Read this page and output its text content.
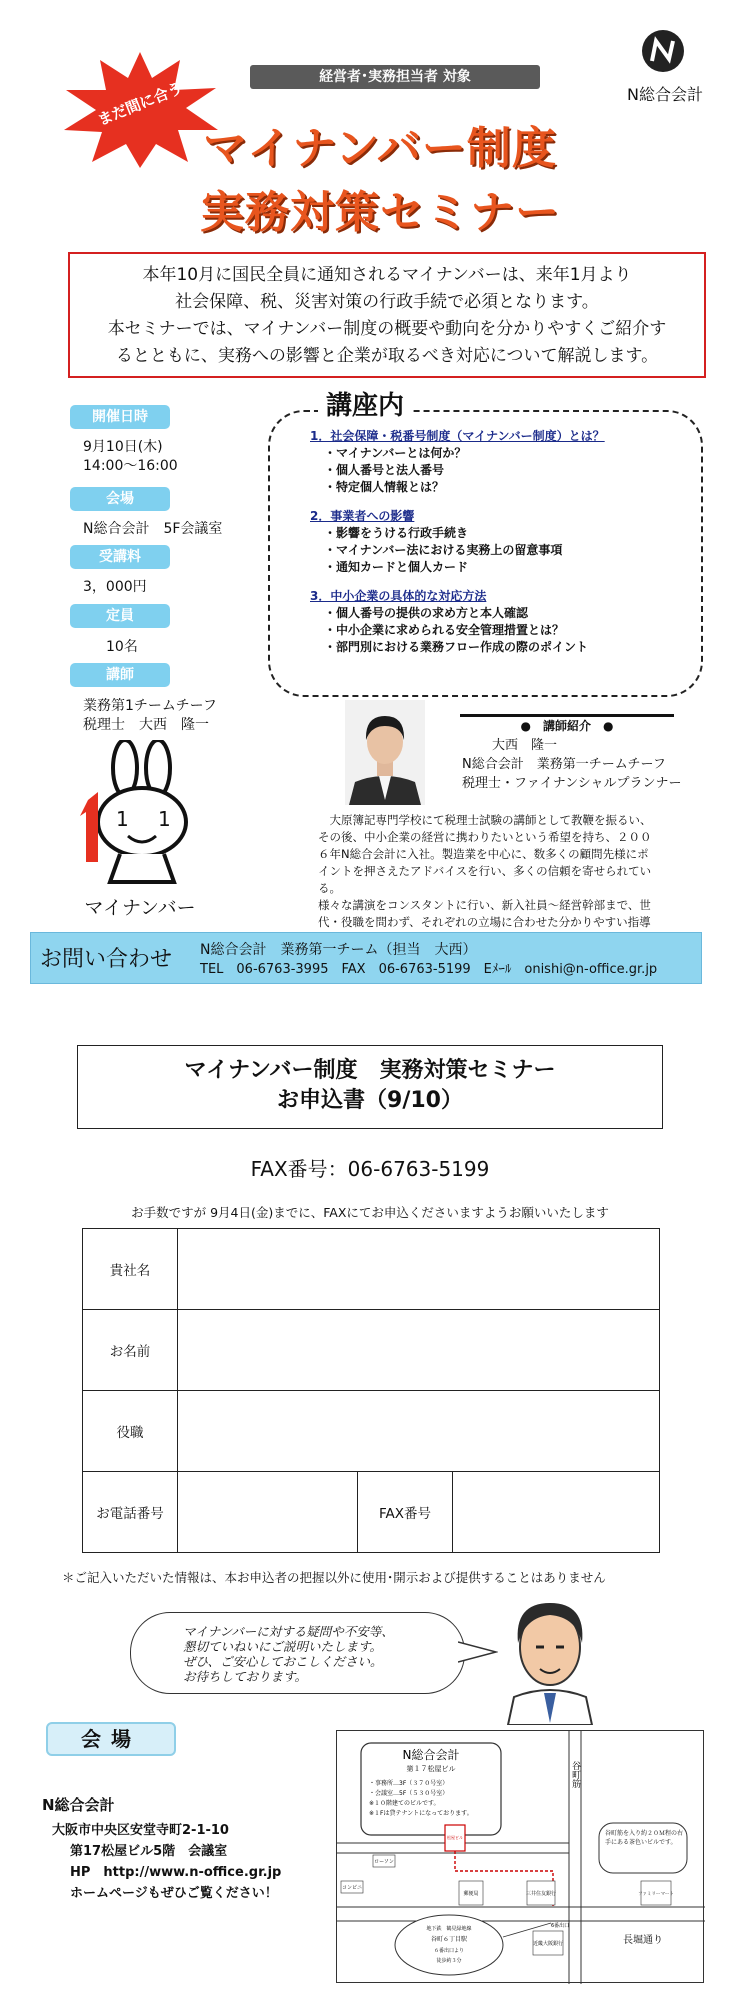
経営者･実務担当者 対象
N総合会計
まだ間に合う
マイナンバー制度
実務対策セミナー

本年10月に国民全員に通知されるマイナンバーは、来年1月より

社会保障、税、災害対策の行政手続で必須となります。

本セミナーでは、マイナンバー制度の概要や動向を分かりやすくご紹介す

るとともに、実務への影響と企業が取るべき対応について解説します。

開催日時
9月10日(木)
14:00～16:00
会場
N総合会計　5F会議室
受講料
3，000円
定員
10名
講師
業務第1チームチーフ
税理士　大西　隆一
講座内
1．社会保障・税番号制度（マイナンバー制度）とは？
・マイナンバーとは何か？
・個人番号と法人番号
・特定個人情報とは？
2．事業者への影響
・影響をうける行政手続き
・マイナンバー法における実務上の留意事項
・通知カードと個人カード
3．中小企業の具体的な対応方法
・個人番号の提供の求め方と本人確認
・中小企業に求められる安全管理措置とは？
・部門別における業務フロー作成の際のポイント
●　講師紹介　●
大西　隆一
N総合会計　業務第一チームチーフ
税理士・ファイナンシャルプランナー
　大原簿記専門学校にて税理士試験の講師として教鞭を振るい、
その後、中小企業の経営に携わりたいという希望を持ち、２００
６年N総合会計に入社。製造業を中心に、数多くの顧問先様にポ
イントを押さえたアドバイスを行い、多くの信頼を寄せられてい
る。
様々な講演をコンスタントに行い、新入社員～経営幹部まで、世
代・役職を問わず、それぞれの立場に合わせた分かりやすい指導
1 1
マイナンバー
お問い合わせ N総合会計　業務第一チーム（担当　大西）
TEL　06-6763-3995　FAX　06-6763-5199　Eﾒｰﾙ　onishi@n-office.gr.jp
マイナンバー制度　実務対策セミナー
お申込書（9/10）
FAX番号：06-6763-5199
お手数ですが 9月4日(金)までに、FAXにてお申込くださいますようお願いいたします
貴社名			
お名前			
役職			
お電話番号		FAX番号	
＊ご記入いただいた情報は、本お申込者の把握以外に使用･開示および提供することはありません
マイナンバーに対する疑問や不安等、
懇切ていねいにご説明いたします。
ぜひ、ご安心しておこしください。
お待ちしております。
会場
N総合会計
大阪市中央区安堂寺町2-1-10
第17松屋ビル5階　会議室
HP　http://www.n-office.gr.jp
ホームページもぜひご覧ください！
N総合会計
第１７松屋ビル
・事務所…3F（３７０号室）
・会議室…5F（５３０号室）
※１０階建てのビルです。
※１Fは貸テナントになっております。
松屋ビル
ローソン
コンビニ
郵便局	三井住友銀行	ファミリーマート
近畿大阪銀行
谷町筋
長堀通り
谷町筋を入り約２０Ｍ程の右手にある茶色いビルです。
地下鉄　鶴見緑地線
谷町６丁目駅
６番出口より
徒歩約３分
6番出口
